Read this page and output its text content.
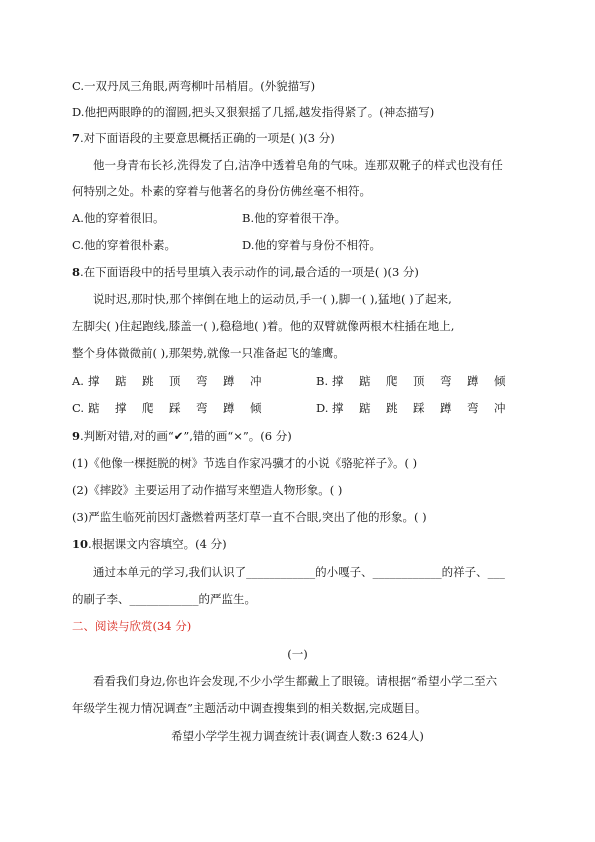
C.一双丹凤三角眼,两弯柳叶吊梢眉。(外貌描写)
D.他把两眼睁的的溜圆,把头又狠狠摇了几摇,越发指得紧了。(神态描写)
7.对下面语段的主要意思概括正确的一项是( )(3 分)
他一身青布长衫,洗得发了白,洁净中透着皂角的气味。连那双靴子的样式也没有任
何特别之处。朴素的穿着与他著名的身份仿佛丝毫不相符。
A.他的穿着很旧。	B.他的穿着很干净。
C.他的穿着很朴素。	D.他的穿着与身份不相符。
8.在下面语段中的括号里填入表示动作的词,最合适的一项是( )(3 分)
说时迟,那时快,那个摔倒在地上的运动员,手一( ),脚一( ),猛地( )了起来,
左脚尖( )住起跑线,膝盖一( ),稳稳地( )着。他的双臂就像两根木柱插在地上,
整个身体微微前( ),那架势,就像一只准备起飞的雏鹰。
A. 撑 踮 跳 顶 弯 蹲 冲	B. 撑 踮 爬 顶 弯 蹲 倾
C. 踮 撑 爬 踩 弯 蹲 倾	D. 撑 踮 跳 踩 蹲 弯 冲
9.判断对错,对的画“✔”,错的画“×”。(6 分)
(1)《他像一棵挺脱的树》节选自作家冯骥才的小说《骆驼祥子》。( )
(2)《摔跤》主要运用了动作描写来塑造人物形象。( )
(3)严监生临死前因灯盏燃着两茎灯草一直不合眼,突出了他的形象。( )
10.根据课文内容填空。(4 分)
通过本单元的学习,我们认识了____________的小嘎子、____________的祥子、___
的刷子李、____________的严监生。
二、阅读与欣赏(34 分)
(一)
看看我们身边,你也许会发现,不少小学生都戴上了眼镜。请根据“希望小学二至六
年级学生视力情况调查”主题活动中调查搜集到的相关数据,完成题目。
希望小学学生视力调查统计表(调查人数:3 624人)
